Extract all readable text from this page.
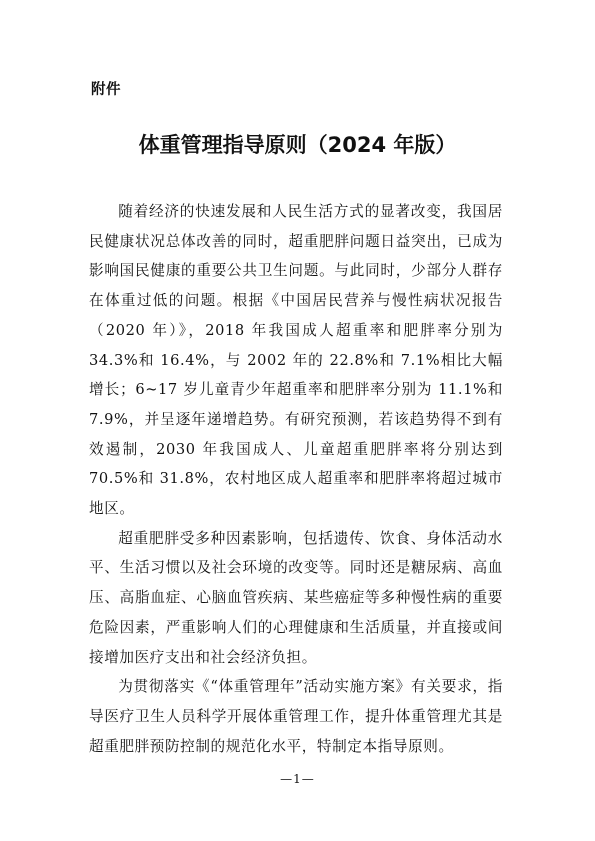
附件
体重管理指导原则（2024 年版）

随着经济的快速发展和人民生活方式的显著改变，我国居民健康状况总体改善的同时，超重肥胖问题日益突出，已成为影响国民健康的重要公共卫生问题。与此同时，少部分人群存在体重过低的问题。根据《中国居民营养与慢性病状况报告（2020 年）》，2018 年我国成人超重率和肥胖率分别为 34.3%和 16.4%，与 2002 年的 22.8%和 7.1%相比大幅增长；6~17 岁儿童青少年超重率和肥胖率分别为 11.1%和 7.9%，并呈逐年递增趋势。有研究预测，若该趋势得不到有效遏制，2030 年我国成人、儿童超重肥胖率将分别达到 70.5%和 31.8%，农村地区成人超重率和肥胖率将超过城市地区。

超重肥胖受多种因素影响，包括遗传、饮食、身体活动水平、生活习惯以及社会环境的改变等。同时还是糖尿病、高血压、高脂血症、心脑血管疾病、某些癌症等多种慢性病的重要危险因素，严重影响人们的心理健康和生活质量，并直接或间接增加医疗支出和社会经济负担。

为贯彻落实《“体重管理年”活动实施方案》有关要求，指导医疗卫生人员科学开展体重管理工作，提升体重管理尤其是超重肥胖预防控制的规范化水平，特制定本指导原则。

—1—
